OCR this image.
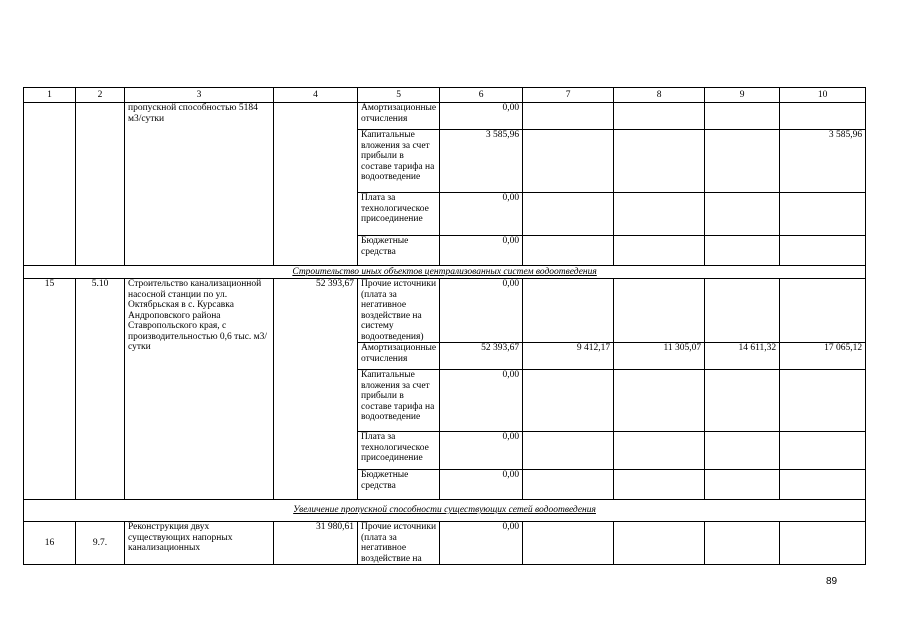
1	2	3	4	5	6	7	8	9	10
		пропускной способностью 5184 м3/сутки		Амортизационные отчисления	0,00				
				Капитальные вложения за счет прибыли в составе тарифа на водоотведение	3 585,96				3 585,96
				Плата за технологическое присоединение	0,00				
				Бюджетные средства	0,00				
Строительство иных объектов централизованных систем водоотведения									
15	5.10	Строительство канализационной насосной станции по ул. Октябрьская в с. Курсавка Андроповского района Ставропольского края, с производительностью 0,6 тыс. м3/сутки	52 393,67	Прочие источники (плата за негативное воздействие на систему водоотведения)	0,00				
				Амортизационные отчисления	52 393,67	9 412,17	11 305,07	14 611,32	17 065,12
				Капитальные вложения за счет прибыли в составе тарифа на водоотведение	0,00				
				Плата за технологическое присоединение	0,00				
				Бюджетные средства	0,00				
Увеличение пропускной способности существующих сетей водоотведения									
16	9.7.	Реконструкция двух существующих напорных канализационных	31 980,61	Прочие источники (плата за негативное воздействие на	0,00				
89
